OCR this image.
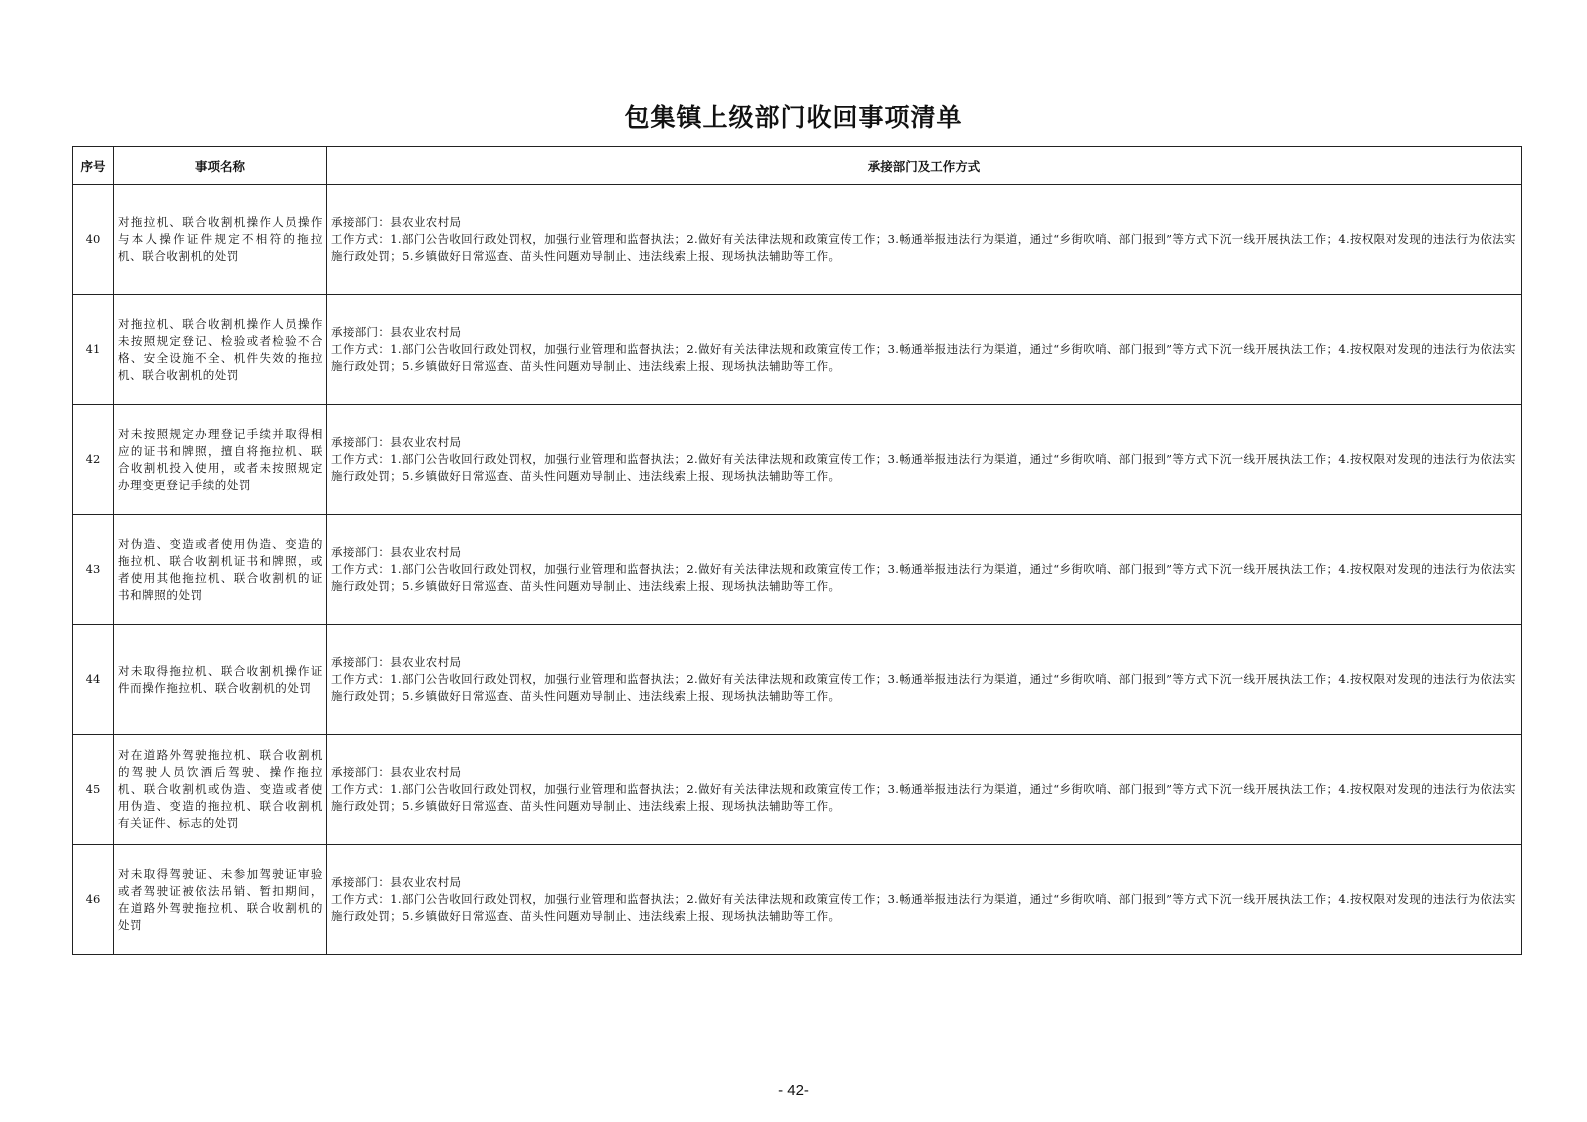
包集镇上级部门收回事项清单
序号	事项名称	承接部门及工作方式
40	对拖拉机、联合收割机操作人员操作与本人操作证件规定不相符的拖拉机、联合收割机的处罚	承接部门：县农业农村局
工作方式：1.部门公告收回行政处罚权，加强行业管理和监督执法；2.做好有关法律法规和政策宣传工作；3.畅通举报违法行为渠道，通过“乡街吹哨、部门报到”等方式下沉一线开展执法工作；4.按权限对发现的违法行为依法实施行政处罚；5.乡镇做好日常巡查、苗头性问题劝导制止、违法线索上报、现场执法辅助等工作。

41	对拖拉机、联合收割机操作人员操作未按照规定登记、检验或者检验不合格、安全设施不全、机件失效的拖拉机、联合收割机的处罚	承接部门：县农业农村局
工作方式：1.部门公告收回行政处罚权，加强行业管理和监督执法；2.做好有关法律法规和政策宣传工作；3.畅通举报违法行为渠道，通过“乡街吹哨、部门报到”等方式下沉一线开展执法工作；4.按权限对发现的违法行为依法实施行政处罚；5.乡镇做好日常巡查、苗头性问题劝导制止、违法线索上报、现场执法辅助等工作。

42	对未按照规定办理登记手续并取得相应的证书和牌照，擅自将拖拉机、联合收割机投入使用，或者未按照规定办理变更登记手续的处罚	承接部门：县农业农村局
工作方式：1.部门公告收回行政处罚权，加强行业管理和监督执法；2.做好有关法律法规和政策宣传工作；3.畅通举报违法行为渠道，通过“乡街吹哨、部门报到”等方式下沉一线开展执法工作；4.按权限对发现的违法行为依法实施行政处罚；5.乡镇做好日常巡查、苗头性问题劝导制止、违法线索上报、现场执法辅助等工作。

43	对伪造、变造或者使用伪造、变造的拖拉机、联合收割机证书和牌照，或者使用其他拖拉机、联合收割机的证书和牌照的处罚	承接部门：县农业农村局
工作方式：1.部门公告收回行政处罚权，加强行业管理和监督执法；2.做好有关法律法规和政策宣传工作；3.畅通举报违法行为渠道，通过“乡街吹哨、部门报到”等方式下沉一线开展执法工作；4.按权限对发现的违法行为依法实施行政处罚；5.乡镇做好日常巡查、苗头性问题劝导制止、违法线索上报、现场执法辅助等工作。

44	对未取得拖拉机、联合收割机操作证件而操作拖拉机、联合收割机的处罚	承接部门：县农业农村局
工作方式：1.部门公告收回行政处罚权，加强行业管理和监督执法；2.做好有关法律法规和政策宣传工作；3.畅通举报违法行为渠道，通过“乡街吹哨、部门报到”等方式下沉一线开展执法工作；4.按权限对发现的违法行为依法实施行政处罚；5.乡镇做好日常巡查、苗头性问题劝导制止、违法线索上报、现场执法辅助等工作。

45	对在道路外驾驶拖拉机、联合收割机的驾驶人员饮酒后驾驶、操作拖拉机、联合收割机或伪造、变造或者使用伪造、变造的拖拉机、联合收割机有关证件、标志的处罚	承接部门：县农业农村局
工作方式：1.部门公告收回行政处罚权，加强行业管理和监督执法；2.做好有关法律法规和政策宣传工作；3.畅通举报违法行为渠道，通过“乡街吹哨、部门报到”等方式下沉一线开展执法工作；4.按权限对发现的违法行为依法实施行政处罚；5.乡镇做好日常巡查、苗头性问题劝导制止、违法线索上报、现场执法辅助等工作。

46	对未取得驾驶证、未参加驾驶证审验或者驾驶证被依法吊销、暂扣期间，在道路外驾驶拖拉机、联合收割机的处罚	承接部门：县农业农村局
工作方式：1.部门公告收回行政处罚权，加强行业管理和监督执法；2.做好有关法律法规和政策宣传工作；3.畅通举报违法行为渠道，通过“乡街吹哨、部门报到”等方式下沉一线开展执法工作；4.按权限对发现的违法行为依法实施行政处罚；5.乡镇做好日常巡查、苗头性问题劝导制止、违法线索上报、现场执法辅助等工作。
- 42-
